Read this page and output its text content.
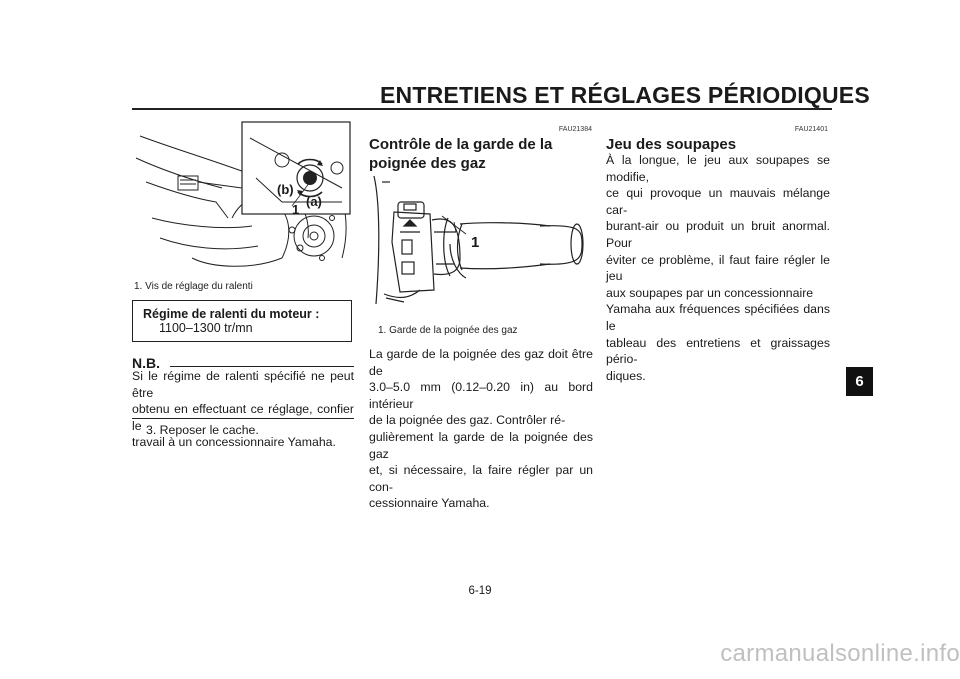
ENTRETIENS ET RÉGLAGES PÉRIODIQUES
(b)
(a)
1
1. Vis de réglage du ralenti
Régime de ralenti du moteur :
1100–1300 tr/mn
N.B.
Si le régime de ralenti spécifié ne peut être
obtenu en effectuant ce réglage, confier le
travail à un concessionnaire Yamaha.
3. Reposer le cache.
FAU21384
Contrôle de la garde de la
poignée des gaz
1
1. Garde de la poignée des gaz
La garde de la poignée des gaz doit être de
3.0–5.0 mm (0.12–0.20 in) au bord intérieur
de la poignée des gaz. Contrôler ré-
gulièrement la garde de la poignée des gaz
et, si nécessaire, la faire régler par un con-
cessionnaire Yamaha.
FAU21401
Jeu des soupapes
À la longue, le jeu aux soupapes se modifie,
ce qui provoque un mauvais mélange car-
burant-air ou produit un bruit anormal. Pour
éviter ce problème, il faut faire régler le jeu
aux soupapes par un concessionnaire
Yamaha aux fréquences spécifiées dans le
tableau des entretiens et graissages pério-
diques.	6
6-19
carmanualsonline.info
